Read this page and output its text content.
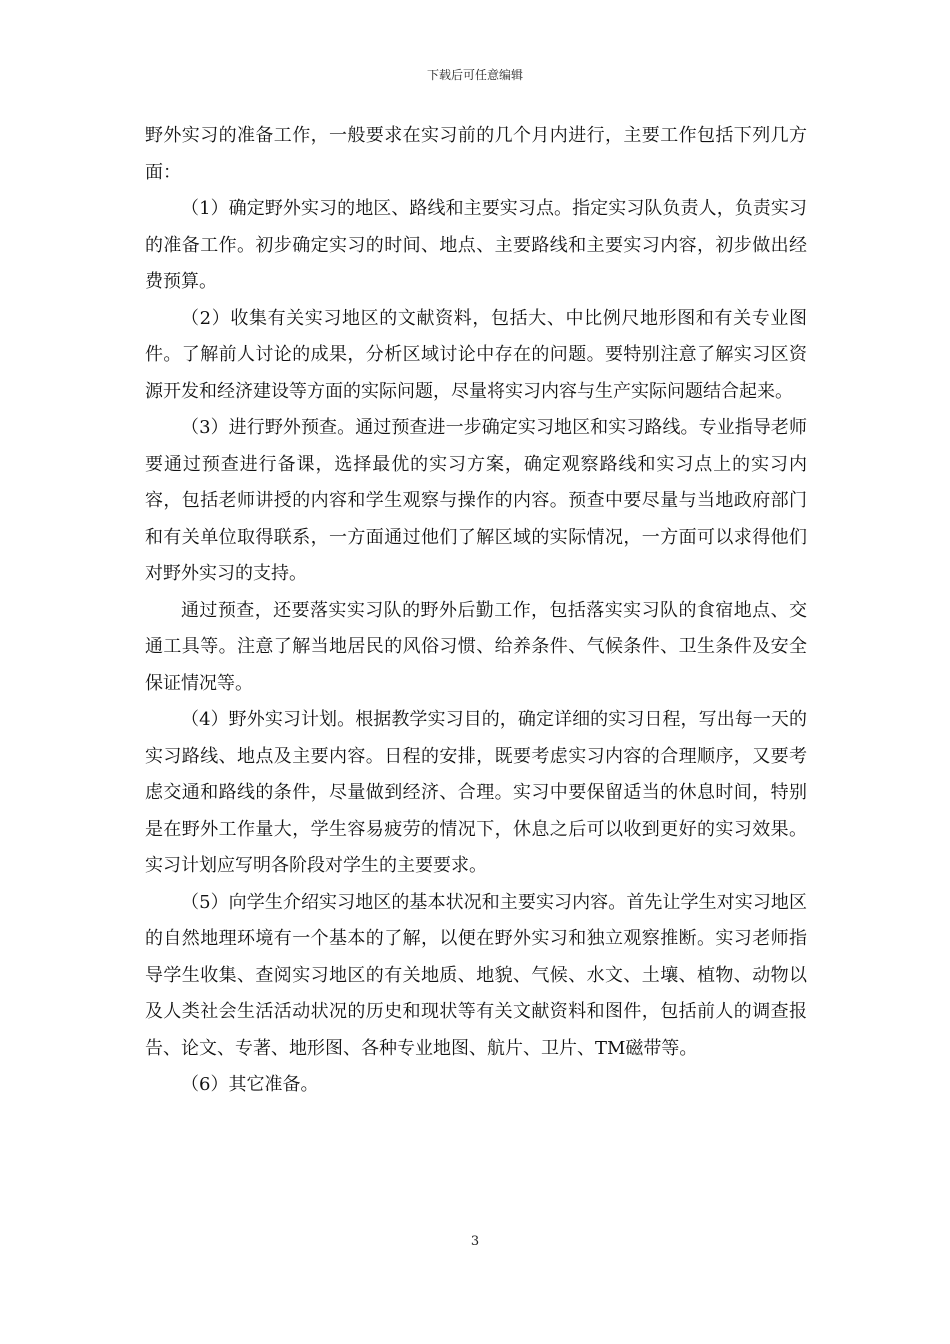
下载后可任意编辑

野外实习的准备工作，一般要求在实习前的几个月内进行，主要工作包括下列几方面：

（1）确定野外实习的地区、路线和主要实习点。指定实习队负责人，负责实习的准备工作。初步确定实习的时间、地点、主要路线和主要实习内容，初步做出经费预算。

（2）收集有关实习地区的文献资料，包括大、中比例尺地形图和有关专业图件。了解前人讨论的成果，分析区域讨论中存在的问题。要特别注意了解实习区资源开发和经济建设等方面的实际问题，尽量将实习内容与生产实际问题结合起来。

（3）进行野外预查。通过预查进一步确定实习地区和实习路线。专业指导老师要通过预查进行备课，选择最优的实习方案，确定观察路线和实习点上的实习内容，包括老师讲授的内容和学生观察与操作的内容。预查中要尽量与当地政府部门和有关单位取得联系，一方面通过他们了解区域的实际情况，一方面可以求得他们对野外实习的支持。

通过预查，还要落实实习队的野外后勤工作，包括落实实习队的食宿地点、交通工具等。注意了解当地居民的风俗习惯、给养条件、气候条件、卫生条件及安全保证情况等。

（4）野外实习计划。根据教学实习目的，确定详细的实习日程，写出每一天的实习路线、地点及主要内容。日程的安排，既要考虑实习内容的合理顺序，又要考虑交通和路线的条件，尽量做到经济、合理。实习中要保留适当的休息时间，特别是在野外工作量大，学生容易疲劳的情况下，休息之后可以收到更好的实习效果。实习计划应写明各阶段对学生的主要要求。

（5）向学生介绍实习地区的基本状况和主要实习内容。首先让学生对实习地区的自然地理环境有一个基本的了解，以便在野外实习和独立观察推断。实习老师指导学生收集、查阅实习地区的有关地质、地貌、气候、水文、土壤、植物、动物以及人类社会生活活动状况的历史和现状等有关文献资料和图件，包括前人的调查报告、论文、专著、地形图、各种专业地图、航片、卫片、TM磁带等。

（6）其它准备。

3
